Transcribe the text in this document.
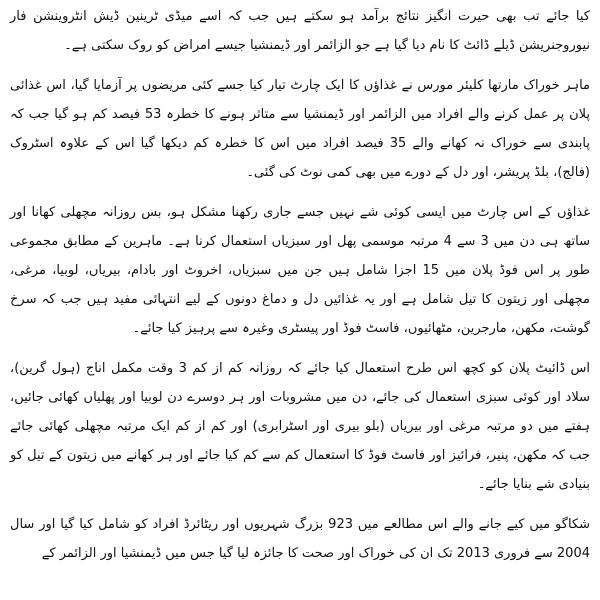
کیا جائے تب بھی حیرت انگیز نتائج برآمد ہو سکتے ہیں جب کہ اسے میڈی ٹرینین ڈیش انٹروینشن فار نیوروجنریشن ڈیلے ڈائٹ کا نام دیا گیا ہے جو الزائمر اور ڈیمنشیا جیسے امراض کو روک سکتی ہے۔

ماہر خوراک مارتھا کلیئر مورس نے غذاؤں کا ایک چارٹ تیار کیا جسے کئی مریضوں پر آزمایا گیا، اس غذائی پلان پر عمل کرنے والے افراد میں الزائمر اور ڈیمنشیا سے متاثر ہونے کا خطرہ 53 فیصد کم ہو گیا جب کہ پابندی سے خوراک نہ کھانے والے 35 فیصد افراد میں اس کا خطرہ کم دیکھا گیا اس کے علاوہ اسٹروک (فالج)، بلڈ پریشر، اور دل کے دورے میں بھی کمی نوٹ کی گئی۔

غذاؤں کے اس چارٹ میں ایسی کوئی شے نہیں جسے جاری رکھنا مشکل ہو، بس روزانہ مچھلی کھانا اور ساتھ ہی دن میں 3 سے 4 مرتبہ موسمی پھل اور سبزیاں استعمال کرنا ہے۔ ماہرین کے مطابق مجموعی طور پر اس فوڈ پلان میں 15 اجزا شامل ہیں جن میں سبزیاں، اخروٹ اور بادام، بیریاں، لوبیا، مرغی، مچھلی اور زیتون کا تیل شامل ہے اور یہ غذائیں دل و دماغ دونوں کے لیے انتہائی مفید ہیں جب کہ سرخ گوشت، مکھن، مارجرین، مٹھائیوں، فاسٹ فوڈ اور پیسٹری وغیرہ سے پرہیز کیا جائے۔

اس ڈائیٹ پلان کو کچھ اس طرح استعمال کیا جائے کہ روزانہ کم از کم 3 وقت مکمل اناج (ہول گرین)، سلاد اور کوئی سبزی استعمال کی جائے، دن میں مشروبات اور ہر دوسرے دن لوبیا اور پھلیاں کھائی جائیں، ہفتے میں دو مرتبہ مرغی اور بیریاں (بلو بیری اور اسٹرابری) اور کم از کم ایک مرتبہ مچھلی کھائی جائے جب کہ مکھن، پنیر، فرائیز اور فاسٹ فوڈ کا استعمال کم سے کم کیا جائے اور ہر کھانے میں زیتون کے تیل کو بنیادی شے بنایا جائے۔

شکاگو میں کیے جانے والے اس مطالعے میں 923 بزرگ شہریوں اور ریٹائرڈ افراد کو شامل کیا گیا اور سال 2004 سے فروری 2013 تک ان کی خوراک اور صحت کا جائزہ لیا گیا جس میں ڈیمنشیا اور الزائمر کے
